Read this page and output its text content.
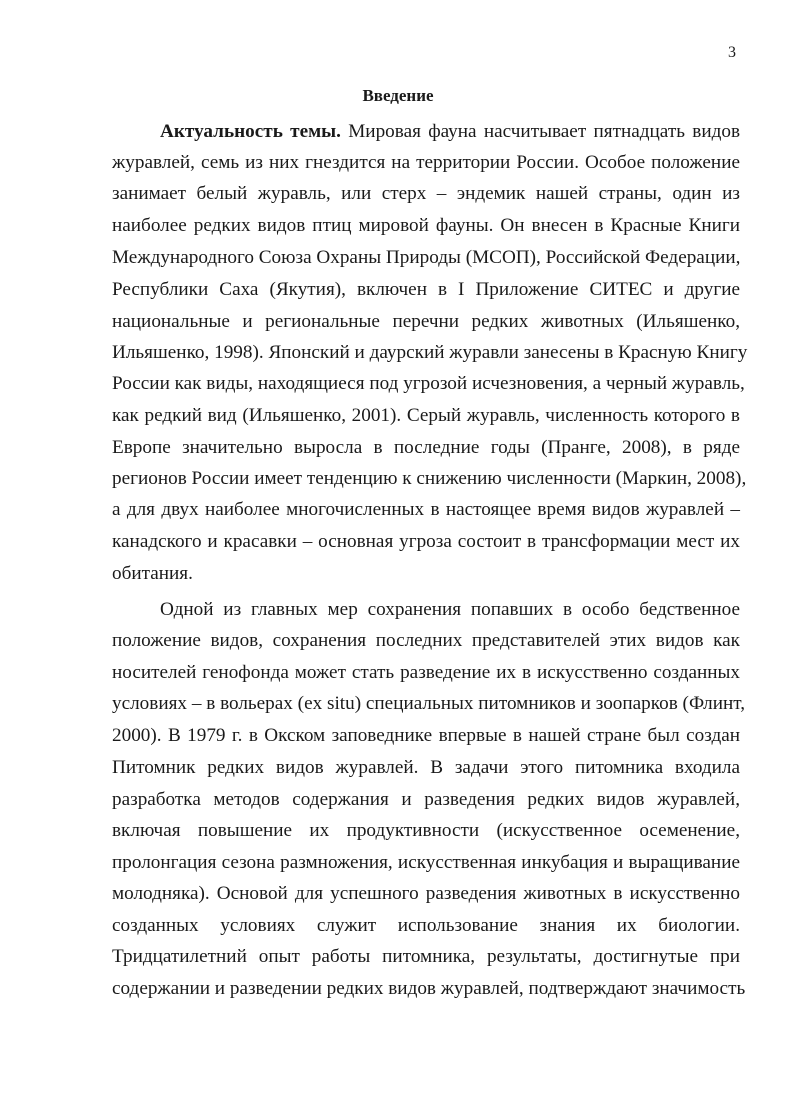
3
Введение
Актуальность темы. Мировая фауна насчитывает пятнадцать видов
журавлей, семь из них гнездится на территории России. Особое положение
занимает белый журавль, или стерх – эндемик нашей страны, один из
наиболее редких видов птиц мировой фауны. Он внесен в Красные Книги
Международного Союза Охраны Природы (МСОП), Российской Федерации,
Республики Саха (Якутия), включен в I Приложение СИТЕС и другие
национальные и региональные перечни редких животных (Ильяшенко,
Ильяшенко, 1998). Японский и даурский журавли занесены в Красную Книгу
России как виды, находящиеся под угрозой исчезновения, а черный журавль,
как редкий вид (Ильяшенко, 2001). Серый журавль, численность которого в
Европе значительно выросла в последние годы (Пранге, 2008), в ряде
регионов России имеет тенденцию к снижению численности (Маркин, 2008),
а для двух наиболее многочисленных в настоящее время видов журавлей –
канадского и красавки – основная угроза состоит в трансформации мест их
обитания.
Одной из главных мер сохранения попавших в особо бедственное
положение видов, сохранения последних представителей этих видов как
носителей генофонда может стать разведение их в искусственно созданных
условиях – в вольерах (ex situ) специальных питомников и зоопарков (Флинт,
2000). В 1979 г. в Окском заповеднике впервые в нашей стране был создан
Питомник редких видов журавлей. В задачи этого питомника входила
разработка методов содержания и разведения редких видов журавлей,
включая повышение их продуктивности (искусственное осеменение,
пролонгация сезона размножения, искусственная инкубация и выращивание
молодняка). Основой для успешного разведения животных в искусственно
созданных условиях служит использование знания их биологии.
Тридцатилетний опыт работы питомника, результаты, достигнутые при
содержании и разведении редких видов журавлей, подтверждают значимость
